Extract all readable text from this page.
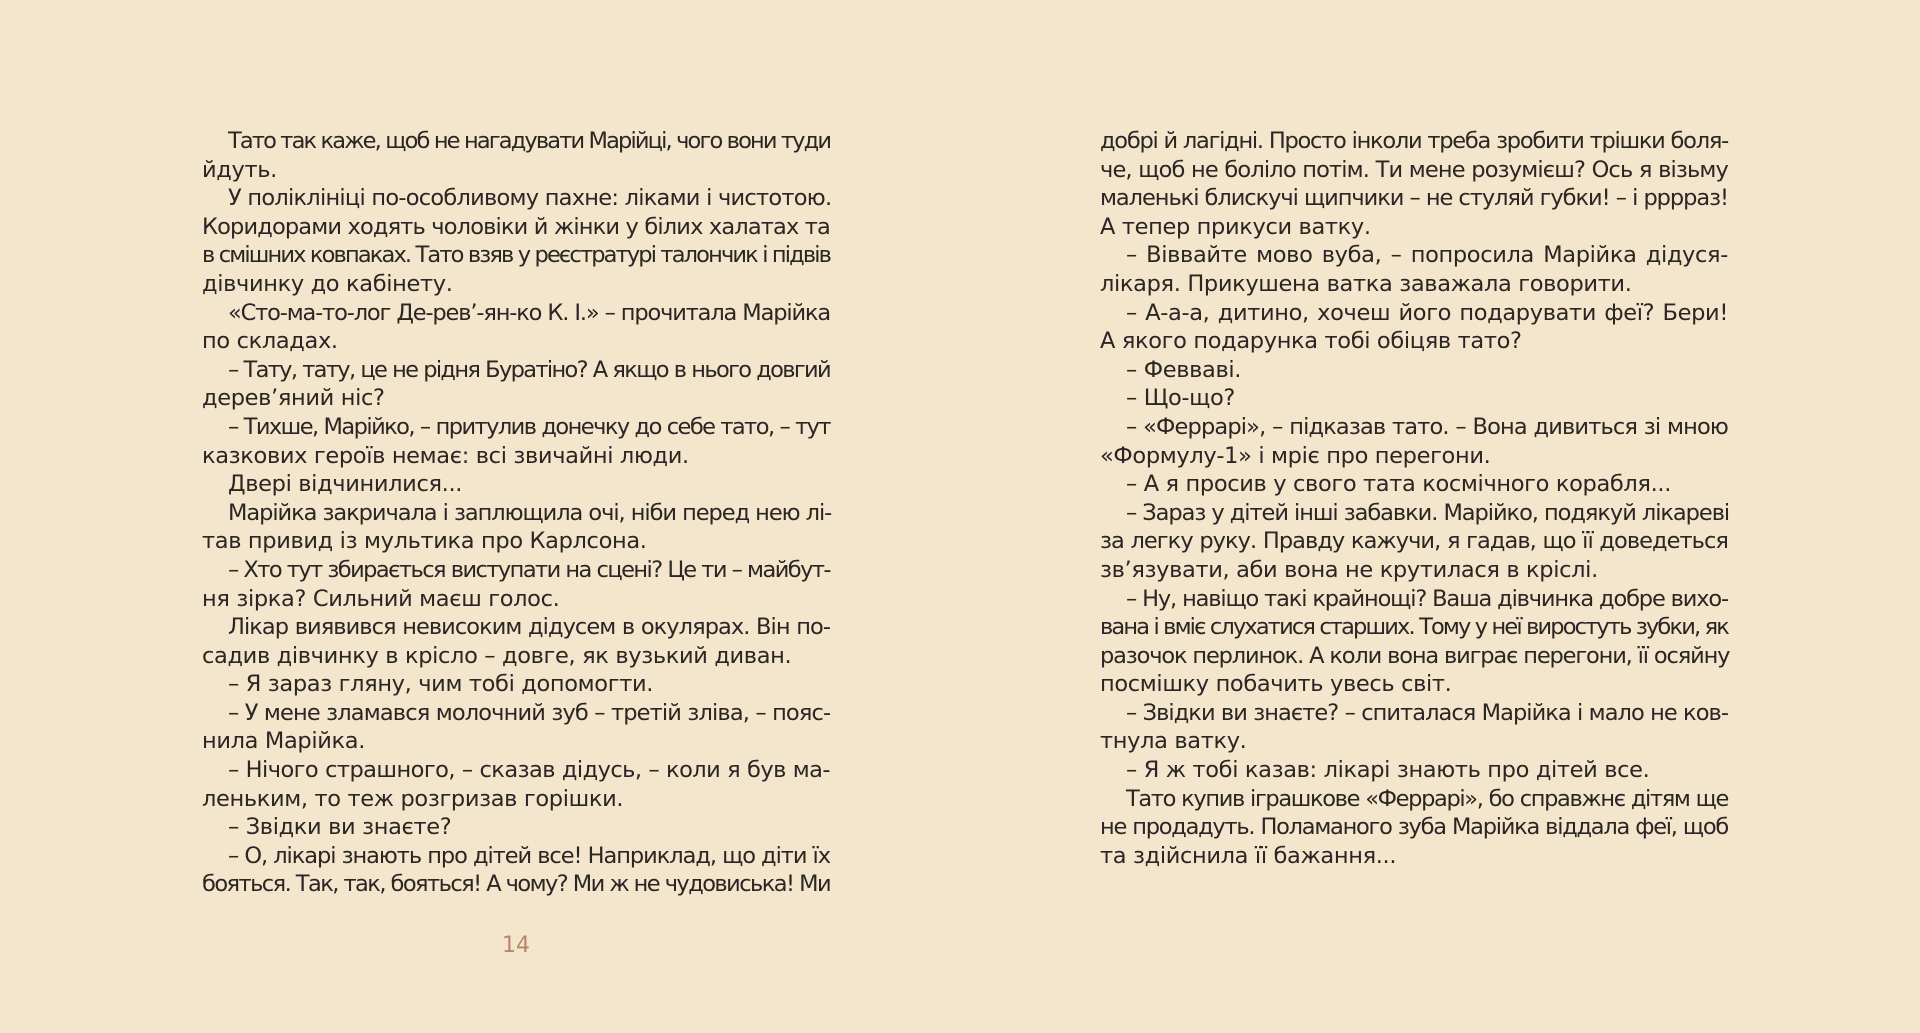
Тато так каже, щоб не нагадувати Марійці, чого вони туди
йдуть.
У поліклініці по-особливому пахне: ліками і чистотою.
Коридорами ходять чоловіки й жінки у білих халатах та
в смішних ковпаках. Тато взяв у реєстратурі талончик і підвів
дівчинку до кабінету.
«Сто-ма-то-лог Де-рев’-ян-ко К. І.» – прочитала Марійка
по складах.
– Тату, тату, це не рідня Буратіно? А якщо в нього довгий
дерев’яний ніс?
– Тихше, Марійко, – притулив донечку до себе тато, – тут
казкових героїв немає: всі звичайні люди.
Двері відчинилися...
Марійка закричала і заплющила очі, ніби перед нею лі-
тав привид із мультика про Карлсона.
– Хто тут збирається виступати на сцені? Це ти – майбут-
ня зірка? Сильний маєш голос.
Лікар виявився невисоким дідусем в окулярах. Він по-
садив дівчинку в крісло – довге, як вузький диван.
– Я зараз гляну, чим тобі допомогти.
– У мене зламався молочний зуб – третій зліва, – пояс-
нила Марійка.
– Нічого страшного, – сказав дідусь, – коли я був ма-
леньким, то теж розгризав горішки.
– Звідки ви знаєте?
– О, лікарі знають про дітей все! Наприклад, що діти їх
бояться. Так, так, бояться! А чому? Ми ж не чудовиська! Ми
добрі й лагідні. Просто інколи треба зробити трішки боля-
че, щоб не боліло потім. Ти мене розумієш? Ось я візьму
маленькі блискучі щипчики – не стуляй губки! – і ррррaз!
А тепер прикуси ватку.
– Віввайте мово вуба, – попросила Марійка дідуся-
лікаря. Прикушена ватка заважала говорити.
– А-а-а, дитино, хочеш його подарувати феї? Бери!
А якого подарунка тобі обіцяв тато?
– Февваві.
– Що-що?
– «Феррарі», – підказав тато. – Вона дивиться зі мною
«Формулу-1» і мріє про перегони.
– А я просив у свого тата космічного корабля...
– Зараз у дітей інші забавки. Марійко, подякуй лікареві
за легку руку. Правду кажучи, я гадав, що її доведеться
зв’язувати, аби вона не крутилася в кріслі.
– Ну, навіщо такі крайнощі? Ваша дівчинка добре вихо-
вана і вміє слухатися старших. Тому у неї виростуть зубки, як
разочок перлинок. А коли вона виграє перегони, її осяйну
посмішку побачить увесь світ.
– Звідки ви знаєте? – спиталася Марійка і мало не ков-
тнула ватку.
– Я ж тобі казав: лікарі знають про дітей все.
Тато купив іграшкове «Феррарі», бо справжнє дітям ще
не продадуть. Поламаного зуба Марійка віддала феї, щоб
та здійснила її бажання...
14
